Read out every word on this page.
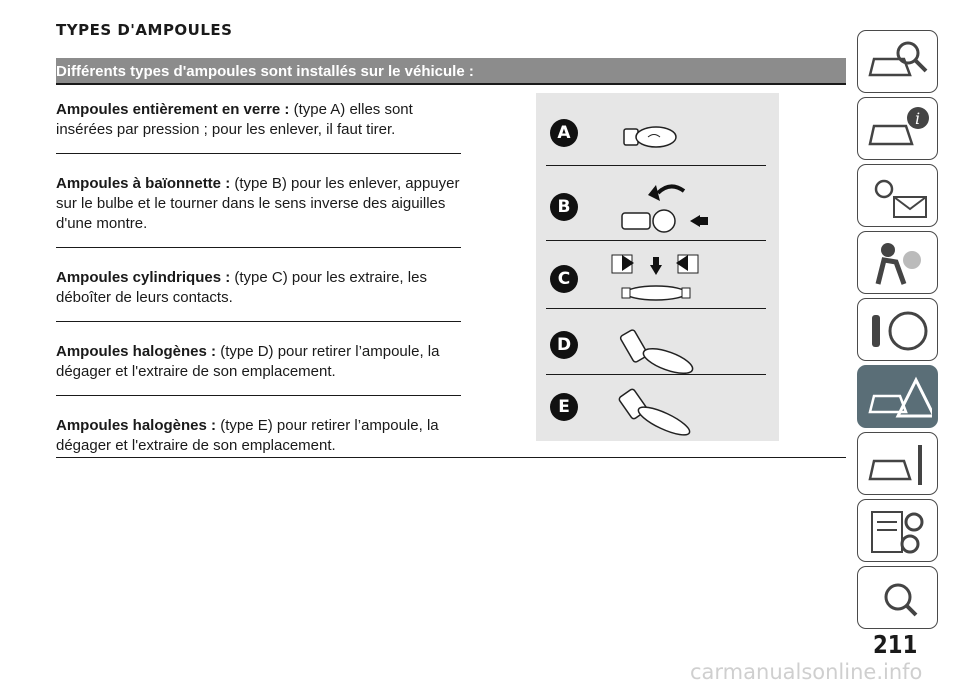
TYPES D'AMPOULES
Différents types d'ampoules sont installés sur le véhicule :
Ampoules entièrement en verre : (type A) elles sont insérées par pression ; pour les enlever, il faut tirer.
Ampoules à baïonnette : (type B) pour les enlever, appuyer sur le bulbe et le tourner dans le sens inverse des aiguilles d'une montre.
Ampoules cylindriques : (type C) pour les extraire, les déboîter de leurs contacts.
Ampoules halogènes : (type D) pour retirer l’ampoule, la dégager et l'extraire de son emplacement.
Ampoules halogènes : (type E) pour retirer l’ampoule, la dégager et l'extraire de son emplacement.
A
B
C
D
E
i
211
carmanualsonline.info
